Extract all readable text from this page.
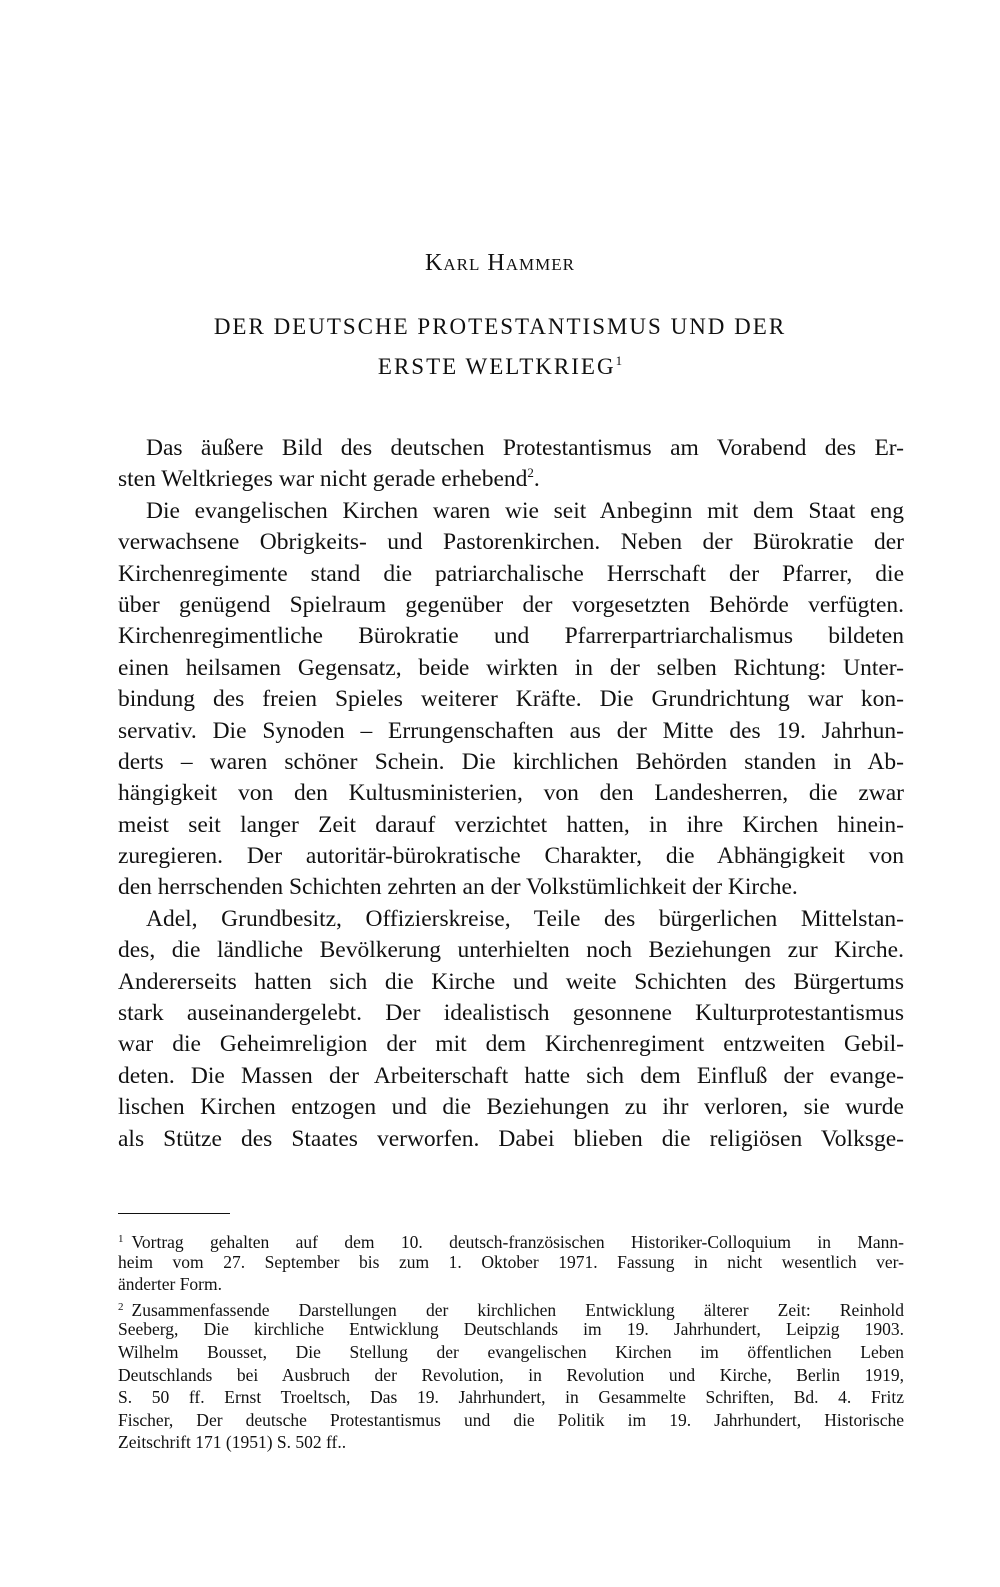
Karl Hammer
DER DEUTSCHE PROTESTANTISMUS UND DER
ERSTE WELTKRIEG$^1$
Das äußere Bild des deutschen Protestantismus am Vorabend des Er-
sten Weltkrieges war nicht gerade erhebend$^2$.
Die evangelischen Kirchen waren wie seit Anbeginn mit dem Staat eng
verwachsene Obrigkeits- und Pastorenkirchen. Neben der Bürokratie der
Kirchenregimente stand die patriarchalische Herrschaft der Pfarrer, die
über genügend Spielraum gegenüber der vorgesetzten Behörde verfügten.
Kirchenregimentliche Bürokratie und Pfarrerpartriarchalismus bildeten
einen heilsamen Gegensatz, beide wirkten in der selben Richtung: Unter-
bindung des freien Spieles weiterer Kräfte. Die Grundrichtung war kon-
servativ. Die Synoden – Errungenschaften aus der Mitte des 19. Jahrhun-
derts – waren schöner Schein. Die kirchlichen Behörden standen in Ab-
hängigkeit von den Kultusministerien, von den Landesherren, die zwar
meist seit langer Zeit darauf verzichtet hatten, in ihre Kirchen hinein-
zuregieren. Der autoritär-bürokratische Charakter, die Abhängigkeit von
den herrschenden Schichten zehrten an der Volkstümlichkeit der Kirche.
Adel, Grundbesitz, Offizierskreise, Teile des bürgerlichen Mittelstan-
des, die ländliche Bevölkerung unterhielten noch Beziehungen zur Kirche.
Andererseits hatten sich die Kirche und weite Schichten des Bürgertums
stark auseinandergelebt. Der idealistisch gesonnene Kulturprotestantismus
war die Geheimreligion der mit dem Kirchenregiment entzweiten Gebil-
deten. Die Massen der Arbeiterschaft hatte sich dem Einfluß der evange-
lischen Kirchen entzogen und die Beziehungen zu ihr verloren, sie wurde
als Stütze des Staates verworfen. Dabei blieben die religiösen Volksge-
$^1$ Vortrag gehalten auf dem 10. deutsch-französischen Historiker-Colloquium in Mann-
heim vom 27. September bis zum 1. Oktober 1971. Fassung in nicht wesentlich ver-
änderter Form.
$^2$ Zusammenfassende Darstellungen der kirchlichen Entwicklung älterer Zeit: Reinhold
Seeberg, Die kirchliche Entwicklung Deutschlands im 19. Jahrhundert, Leipzig 1903.
Wilhelm Bousset, Die Stellung der evangelischen Kirchen im öffentlichen Leben
Deutschlands bei Ausbruch der Revolution, in Revolution und Kirche, Berlin 1919,
S. 50 ff. Ernst Troeltsch, Das 19. Jahrhundert, in Gesammelte Schriften, Bd. 4. Fritz
Fischer, Der deutsche Protestantismus und die Politik im 19. Jahrhundert, Historische
Zeitschrift 171 (1951) S. 502 ff..
